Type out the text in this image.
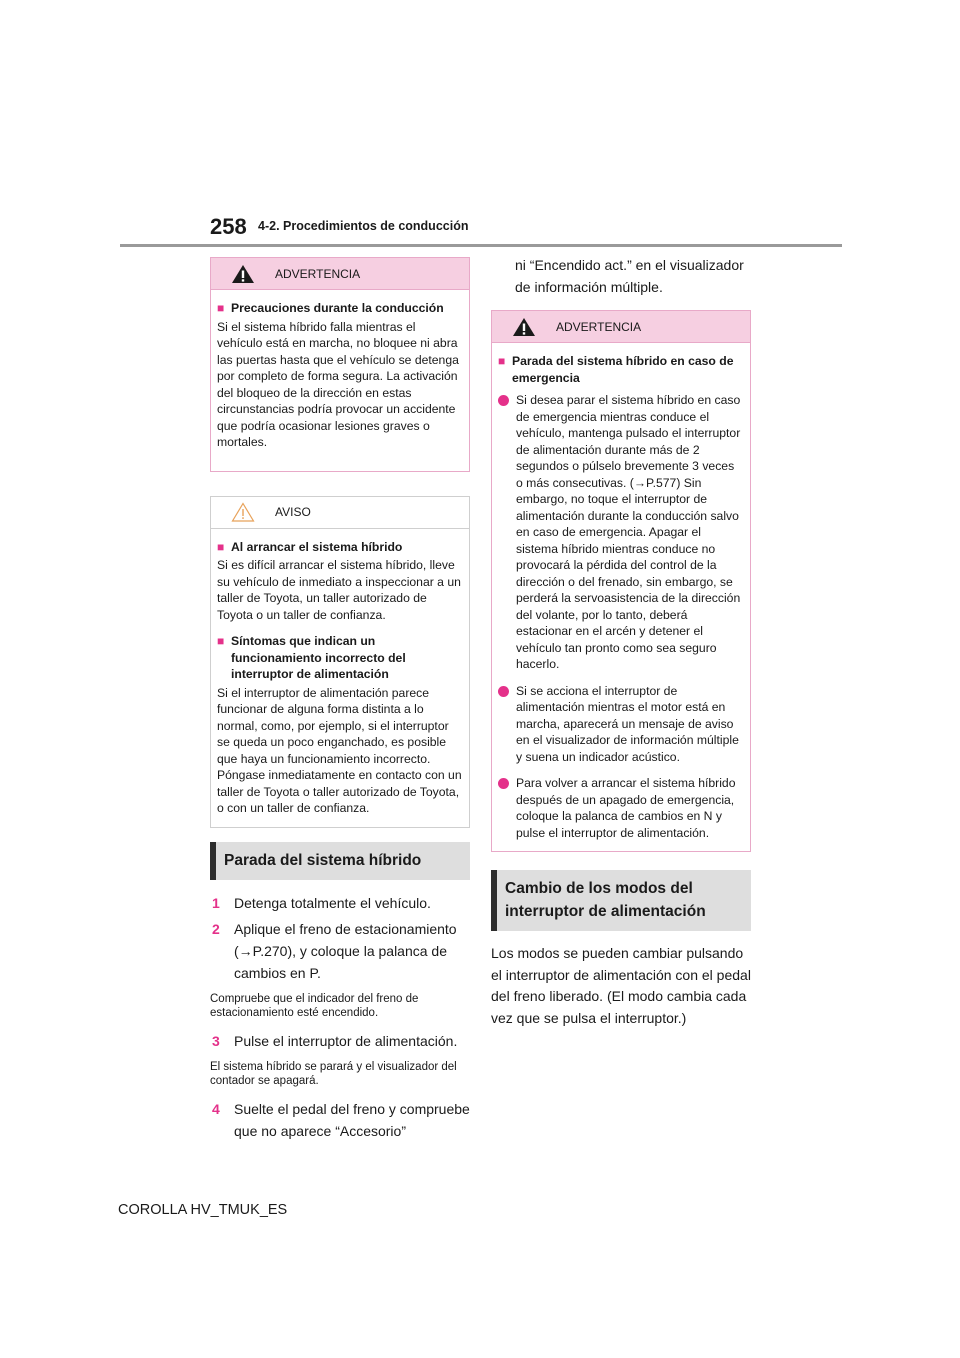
258 4-2. Procedimientos de conducción
ADVERTENCIA
■ Precauciones durante la conducción
Si el sistema híbrido falla mientras el vehículo está en marcha, no bloquee ni abra las puertas hasta que el vehículo se detenga por completo de forma segura. La activación del bloqueo de la dirección en estas circunstancias podría provocar un accidente que podría ocasionar lesiones graves o mortales.
AVISO
■ Al arrancar el sistema híbrido
Si es difícil arrancar el sistema híbrido, lleve su vehículo de inmediato a inspeccionar a un taller de Toyota, un taller autorizado de Toyota o un taller de confianza.
■ Síntomas que indican un funcionamiento incorrecto del interruptor de alimentación
Si el interruptor de alimentación parece funcionar de alguna forma distinta a lo normal, como, por ejemplo, si el interruptor se queda un poco enganchado, es posible que haya un funcionamiento incorrecto. Póngase inmediatamente en contacto con un taller de Toyota o taller autorizado de Toyota, o con un taller de confianza.
Parada del sistema híbrido
1	Detenga totalmente el vehículo.
2	Aplique el freno de estacionamiento (→P.270), y coloque la palanca de cambios en P.
Compruebe que el indicador del freno de estacionamiento esté encendido.
3	Pulse el interruptor de alimentación.
El sistema híbrido se parará y el visualizador del contador se apagará.
4	Suelte el pedal del freno y compruebe que no aparece “Accesorio”
ni “Encendido act.” en el visualizador de información múltiple.
ADVERTENCIA
■ Parada del sistema híbrido en caso de emergencia
Si desea parar el sistema híbrido en caso de emergencia mientras conduce el vehículo, mantenga pulsado el interruptor de alimentación durante más de 2 segundos o púlselo brevemente 3 veces o más consecutivas. (→P.577) Sin embargo, no toque el interruptor de alimentación durante la conducción salvo en caso de emergencia. Apagar el sistema híbrido mientras conduce no provocará la pérdida del control de la dirección o del frenado, sin embargo, se perderá la servoasistencia de la dirección del volante, por lo tanto, deberá estacionar en el arcén y detener el vehículo tan pronto como sea seguro hacerlo.
Si se acciona el interruptor de alimentación mientras el motor está en marcha, aparecerá un mensaje de aviso en el visualizador de información múltiple y suena un indicador acústico.
Para volver a arrancar el sistema híbrido después de un apagado de emergencia, coloque la palanca de cambios en N y pulse el interruptor de alimentación.
Cambio de los modos del interruptor de alimentación
Los modos se pueden cambiar pulsando el interruptor de alimentación con el pedal del freno liberado. (El modo cambia cada vez que se pulsa el interruptor.)
COROLLA HV_TMUK_ES
